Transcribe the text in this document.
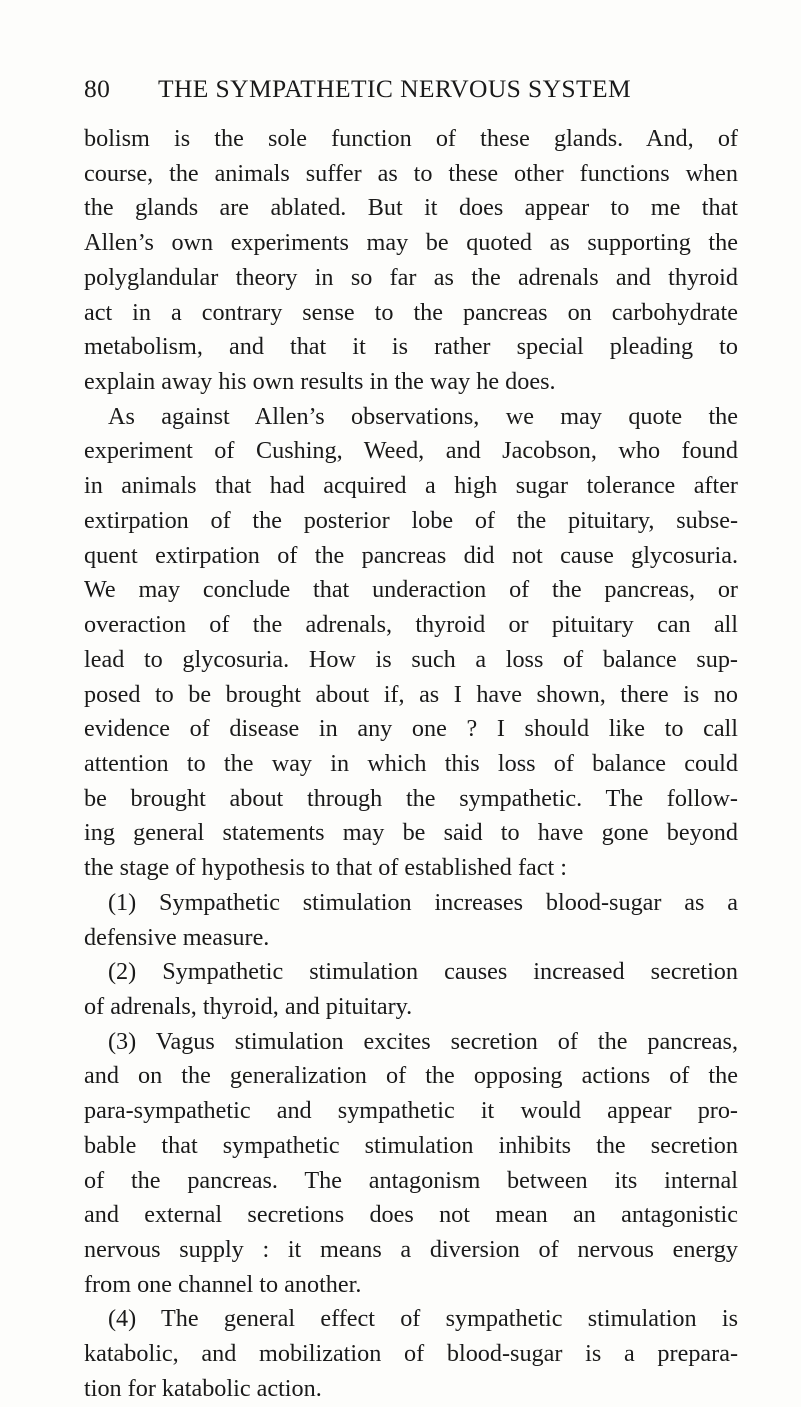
80 THE SYMPATHETIC NERVOUS SYSTEM
bolism is the sole function of these glands. And, of
course, the animals suffer as to these other functions when
the glands are ablated. But it does appear to me that
Allen’s own experiments may be quoted as supporting the
polyglandular theory in so far as the adrenals and thyroid
act in a contrary sense to the pancreas on carbohydrate
metabolism, and that it is rather special pleading to
explain away his own results in the way he does.
As against Allen’s observations, we may quote the
experiment of Cushing, Weed, and Jacobson, who found
in animals that had acquired a high sugar tolerance after
extirpation of the posterior lobe of the pituitary, subse-
quent extirpation of the pancreas did not cause glycosuria.
We may conclude that underaction of the pancreas, or
overaction of the adrenals, thyroid or pituitary can all
lead to glycosuria. How is such a loss of balance sup-
posed to be brought about if, as I have shown, there is no
evidence of disease in any one ? I should like to call
attention to the way in which this loss of balance could
be brought about through the sympathetic. The follow-
ing general statements may be said to have gone beyond
the stage of hypothesis to that of established fact :
(1) Sympathetic stimulation increases blood-sugar as a
defensive measure.
(2) Sympathetic stimulation causes increased secretion
of adrenals, thyroid, and pituitary.
(3) Vagus stimulation excites secretion of the pancreas,
and on the generalization of the opposing actions of the
para-sympathetic and sympathetic it would appear pro-
bable that sympathetic stimulation inhibits the secretion
of the pancreas. The antagonism between its internal
and external secretions does not mean an antagonistic
nervous supply : it means a diversion of nervous energy
from one channel to another.
(4) The general effect of sympathetic stimulation is
katabolic, and mobilization of blood-sugar is a prepara-
tion for katabolic action.
